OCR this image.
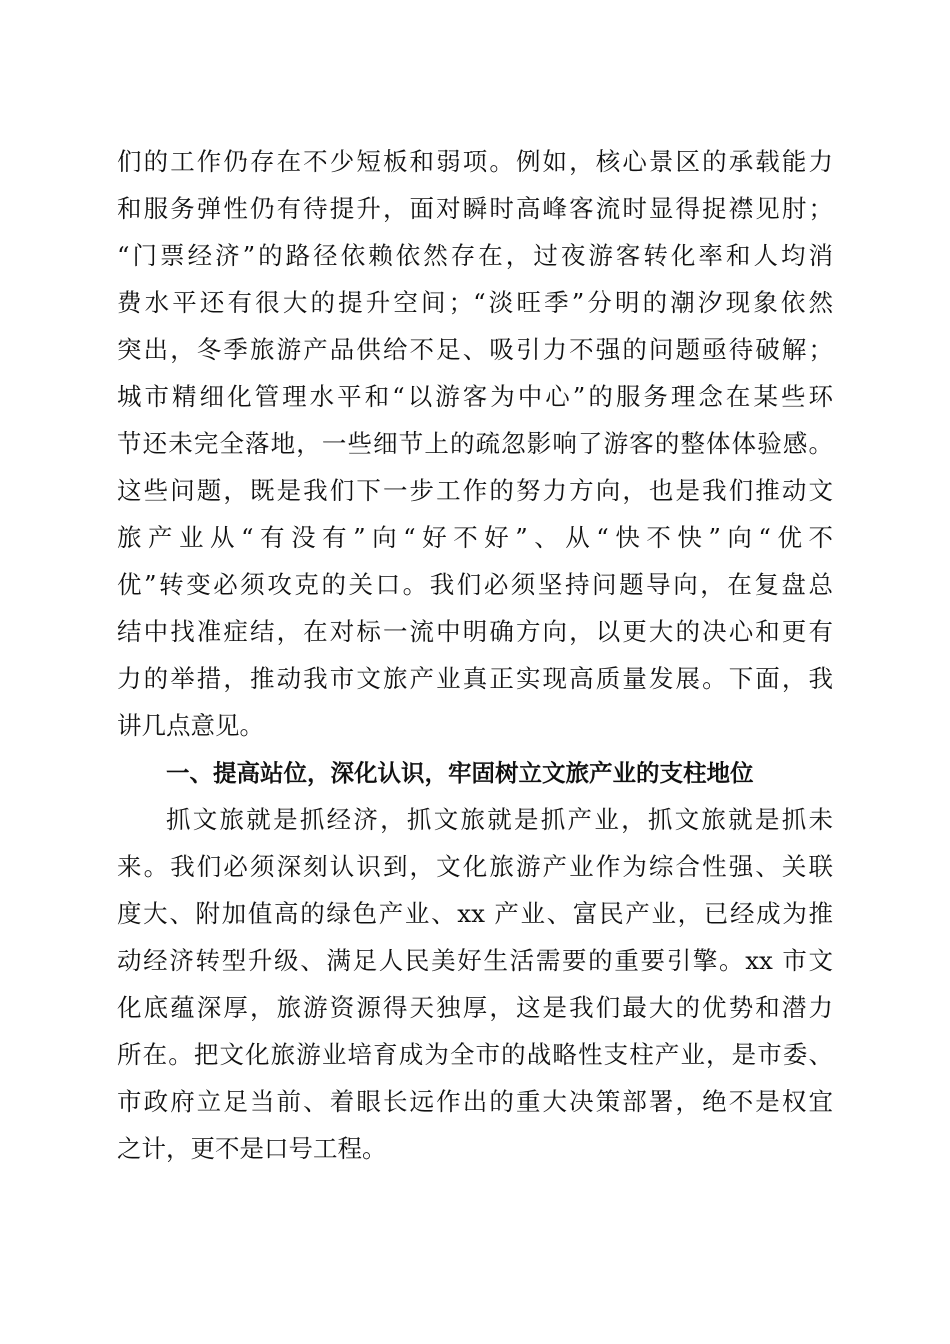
们的工作仍存在不少短板和弱项。例如，核心景区的承载能力
和服务弹性仍有待提升，面对瞬时高峰客流时显得捉襟见肘；
“门票经济”的路径依赖依然存在，过夜游客转化率和人均消
费水平还有很大的提升空间；“淡旺季”分明的潮汐现象依然
突出，冬季旅游产品供给不足、吸引力不强的问题亟待破解；
城市精细化管理水平和“以游客为中心”的服务理念在某些环
节还未完全落地，一些细节上的疏忽影响了游客的整体体验感。
这些问题，既是我们下一步工作的努力方向，也是我们推动文
旅产业从“有没有”向“好不好”、从“快不快”向“优不
优”转变必须攻克的关口。我们必须坚持问题导向，在复盘总
结中找准症结，在对标一流中明确方向，以更大的决心和更有
力的举措，推动我市文旅产业真正实现高质量发展。下面，我
讲几点意见。
一、提高站位，深化认识，牢固树立文旅产业的支柱地位
抓文旅就是抓经济，抓文旅就是抓产业，抓文旅就是抓未
来。我们必须深刻认识到，文化旅游产业作为综合性强、关联
度大、附加值高的绿色产业、xx 产业、富民产业，已经成为推
动经济转型升级、满足人民美好生活需要的重要引擎。xx 市文
化底蕴深厚，旅游资源得天独厚，这是我们最大的优势和潜力
所在。把文化旅游业培育成为全市的战略性支柱产业，是市委、
市政府立足当前、着眼长远作出的重大决策部署，绝不是权宜
之计，更不是口号工程。
